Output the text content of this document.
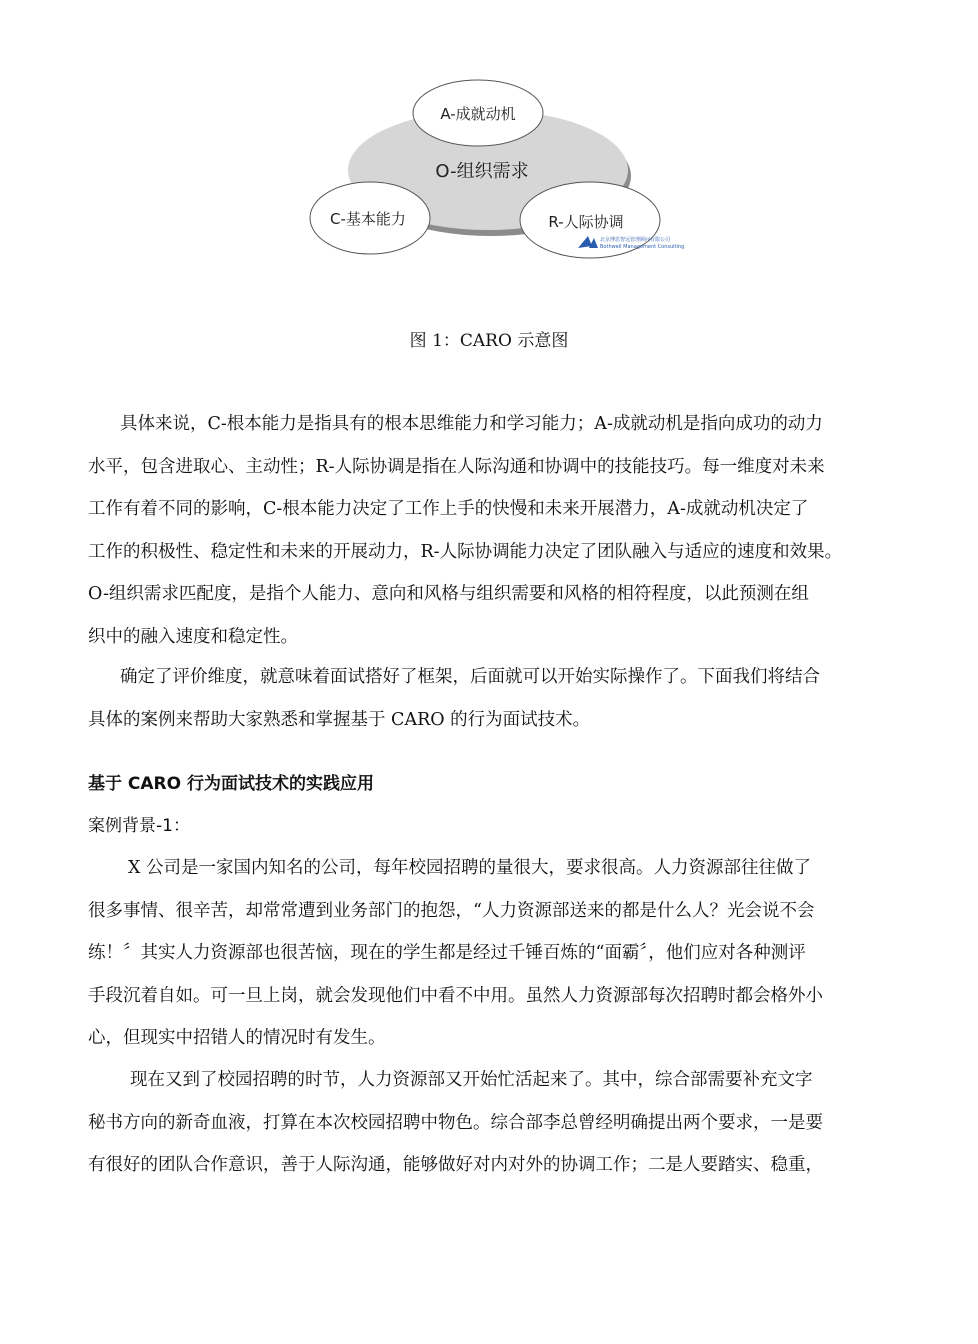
O-组织需求
A-成就动机
C-基本能力	R-人际协调
北京博思智远管理顾问有限公司
Bothwell Management Consulting
图 1：CARO 示意图
具体来说，C-根本能力是指具有的根本思维能力和学习能力；A-成就动机是指向成功的动力
水平，包含进取心、主动性；R-人际协调是指在人际沟通和协调中的技能技巧。每一维度对未来
工作有着不同的影响，C-根本能力决定了工作上手的快慢和未来开展潜力，A-成就动机决定了
工作的积极性、稳定性和未来的开展动力，R-人际协调能力决定了团队融入与适应的速度和效果。
O-组织需求匹配度，是指个人能力、意向和风格与组织需要和风格的相符程度，以此预测在组
织中的融入速度和稳定性。
确定了评价维度，就意味着面试搭好了框架，后面就可以开始实际操作了。下面我们将结合
具体的案例来帮助大家熟悉和掌握基于 CARO 的行为面试技术。
基于 CARO 行为面试技术的实践应用
案例背景-1：
X 公司是一家国内知名的公司，每年校园招聘的量很大，要求很高。人力资源部往往做了
很多事情、很辛苦，却常常遭到业务部门的抱怨，“人力资源部送来的都是什么人？光会说不会
练！〞其实人力资源部也很苦恼，现在的学生都是经过千锤百炼的“面霸〞，他们应对各种测评
手段沉着自如。可一旦上岗，就会发现他们中看不中用。虽然人力资源部每次招聘时都会格外小
心，但现实中招错人的情况时有发生。
现在又到了校园招聘的时节，人力资源部又开始忙活起来了。其中，综合部需要补充文字
秘书方向的新奇血液，打算在本次校园招聘中物色。综合部李总曾经明确提出两个要求，一是要
有很好的团队合作意识，善于人际沟通，能够做好对内对外的协调工作；二是人要踏实、稳重，
